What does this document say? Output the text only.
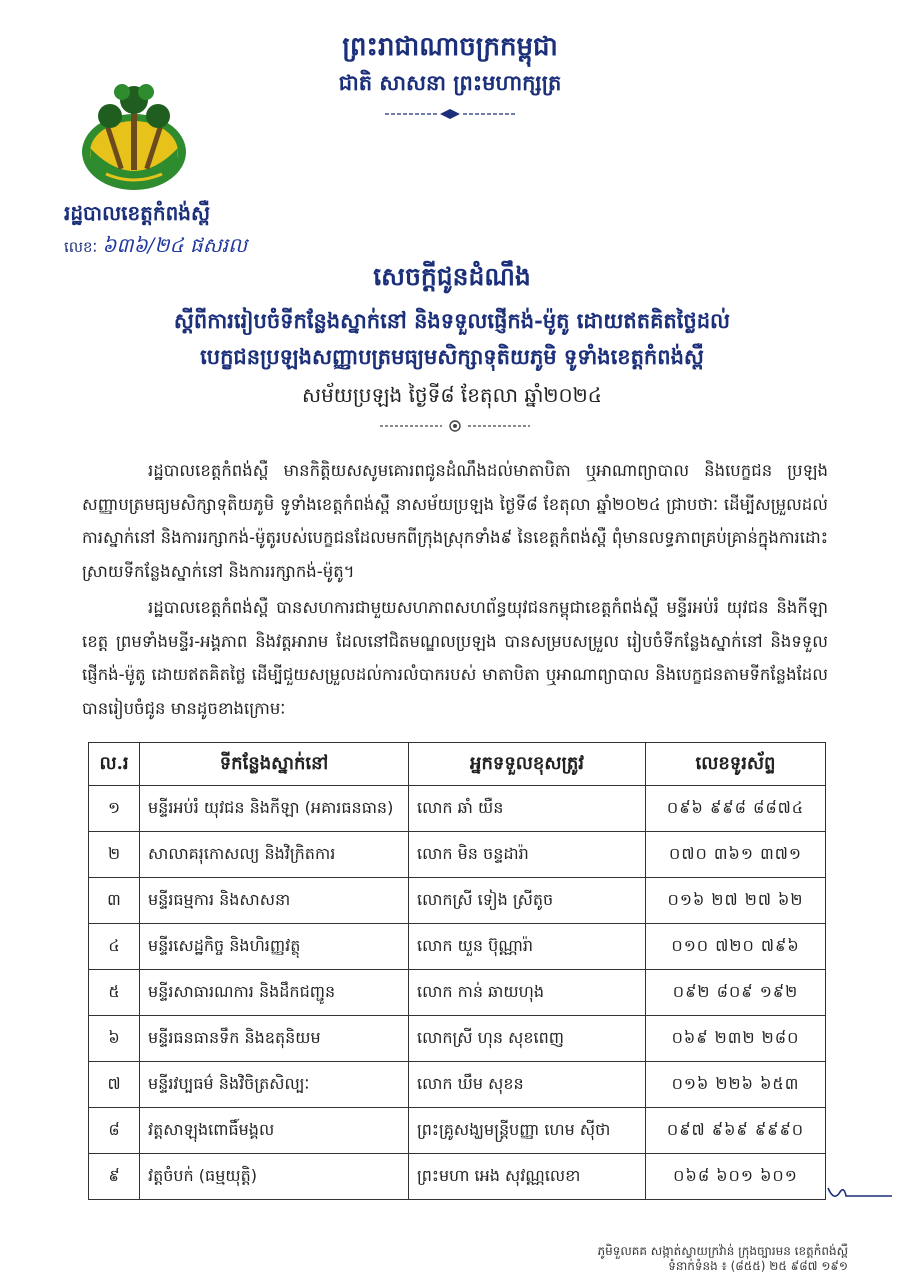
ព្រះរាជាណាចក្រកម្ពុជា
ជាតិ សាសនា ព្រះមហាក្សត្រ
រដ្ឋបាលខេត្តកំពង់ស្ពឺ
លេខៈ ៦៣៦/២៤ ផសរល
សេចក្តីជូនដំណឹង
ស្តីពីការរៀបចំទីកន្លែងស្នាក់នៅ និងទទួលផ្ញើកង់-ម៉ូតូ ដោយឥតគិតថ្លៃដល់
បេក្ខជនប្រឡងសញ្ញាបត្រមធ្យមសិក្សាទុតិយភូមិ ទូទាំងខេត្តកំពង់ស្ពឺ
សម័យប្រឡង ថ្ងៃទី៨ ខែតុលា ឆ្នាំ២០២៤

រដ្ឋបាលខេត្តកំពង់ស្ពឺ មានកិត្តិយសសូមគោរពជូនដំណឹងដល់មាតាបិតា ឬអាណាព្យាបាល និងបេក្ខជន ប្រឡងសញ្ញាបត្រមធ្យមសិក្សាទុតិយភូមិ ទូទាំងខេត្តកំពង់ស្ពឺ នាសម័យប្រឡង ថ្ងៃទី៨ ខែតុលា ឆ្នាំ២០២៤ ជ្រាបថាៈ ដើម្បីសម្រួលដល់ការស្នាក់នៅ និងការរក្សាកង់-ម៉ូតូរបស់បេក្ខជនដែលមកពីក្រុងស្រុកទាំង៩ នៃខេត្តកំពង់ស្ពឺ ពុំមានលទ្ធភាពគ្រប់គ្រាន់ក្នុងការដោះស្រាយទីកន្លែងស្នាក់នៅ និងការរក្សាកង់-ម៉ូតូ។

រដ្ឋបាលខេត្តកំពង់ស្ពឺ បានសហការជាមួយសហភាពសហព័ន្ធយុវជនកម្ពុជាខេត្តកំពង់ស្ពឺ មន្ទីរអប់រំ យុវជន និងកីឡាខេត្ត ព្រមទាំងមន្ទីរ-អង្គភាព និងវត្តអារាម ដែលនៅជិតមណ្ឌលប្រឡង បានសម្របសម្រួល រៀបចំទីកន្លែងស្នាក់នៅ និងទទួលផ្ញើកង់-ម៉ូតូ ដោយឥតគិតថ្លៃ ដើម្បីជួយសម្រួលដល់ការលំបាករបស់ មាតាបិតា ឬអាណាព្យាបាល និងបេក្ខជនតាមទីកន្លែងដែលបានរៀបចំជូន មានដូចខាងក្រោមៈ

ល.រ	ទីកន្លែងស្នាក់នៅ	អ្នកទទួលខុសត្រូវ	លេខទូរស័ព្ទ
១	មន្ទីរអប់រំ យុវជន និងកីឡា (អគារធនធាន)	លោក ឆាំ យឺន	០៩៦ ៩៩៨ ៨៨៧៤
២	សាលាគរុកោសល្យ និងវិក្រិតការ	លោក មិន ចន្ទដារ៉ា	០៧០ ៣៦១ ៣៧១
៣	មន្ទីរធម្មការ និងសាសនា	លោកស្រី ទៀង ស្រីតូច	០១៦ ២៧ ២៧ ៦២
៤	មន្ទីរសេដ្ឋកិច្ច និងហិរញ្ញវត្ថុ	លោក យួន ប៊ុណ្ណារ៉ា	០១០ ៧២០ ៧៩៦
៥	មន្ទីរសាធារណការ និងដឹកជញ្ជូន	លោក កាន់ ឆាយហុង	០៩២ ៨០៩ ១៩២
៦	មន្ទីរធនធានទឹក និងឧតុនិយម	លោកស្រី ហុន សុខពេញ	០៦៩ ២៣២ ២៨០
៧	មន្ទីរវប្បធម៌ និងវិចិត្រសិល្បៈ	លោក ឃឹម សុខន	០១៦ ២២៦ ៦៥៣
៨	វត្តសាឡុងពោធិ៍មង្គល	ព្រះគ្រូសង្ឃមន្ត្រីបញ្ញា ហេម ស៊ីថា	០៩៧ ៩៦៩ ៩៩៩០
៩	វត្តចំបក់ (ធម្មយុត្តិ)	ព្រះមហា អេង សុវណ្ណលេខា	០៦៨ ៦០១ ៦០១
ភូមិទួលគគ សង្កាត់ស្វាយក្រវ៉ាន់ ក្រុងច្បារមន ខេត្តកំពង់ស្ពឺ
ទំនាក់ទំនង ៖ (៨៥៥) ២៥ ៩៨៧ ១៩១
